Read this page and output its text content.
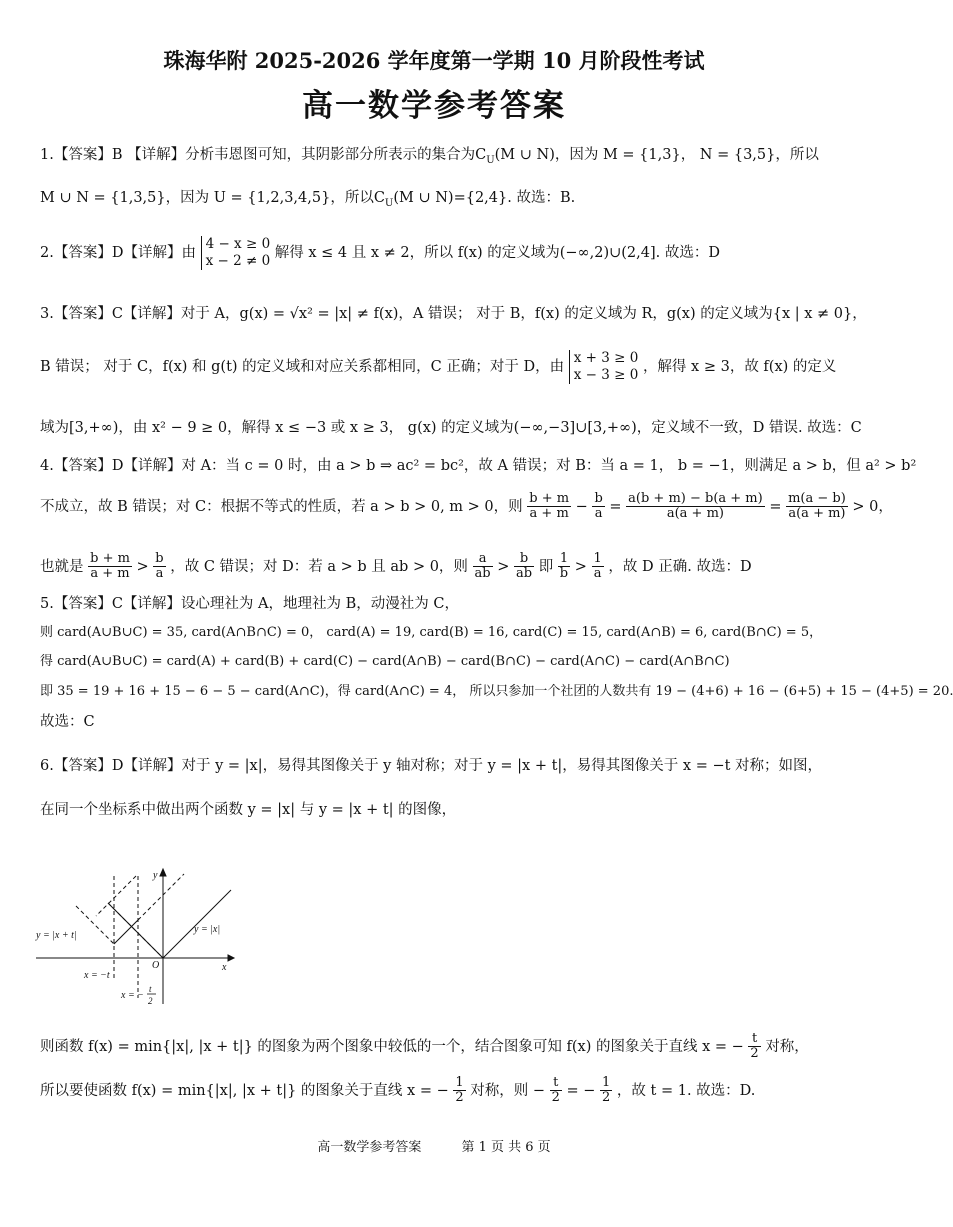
珠海华附 2025-2026 学年度第一学期 10 月阶段性考试
高一数学参考答案
1.【答案】B 【详解】分析韦恩图可知，其阴影部分所表示的集合为$C_U(M$ ∪ N)，因为 M = {1,3}， N = {3,5}，所以
M ∪ N = {1,3,5}，因为 U = {1,2,3,4,5}，所以$C_U(M$ ∪ N)={2,4}. 故选：B.
2.【答案】D【详解】由 4 − x ≥ 0
x − 2 ≠ 0 解得 x ≤ 4 且 x ≠ 2，所以 f(x) 的定义域为(−∞,2)∪(2,4]. 故选：D
3.【答案】C【详解】对于 A，g(x) = √x² = |x| ≠ f(x)，A 错误； 对于 B，f(x) 的定义域为 R，g(x) 的定义域为{x | x ≠ 0}，
B 错误； 对于 C，f(x) 和 g(t) 的定义域和对应关系都相同，C 正确；对于 D，由 x + 3 ≥ 0
x − 3 ≥ 0 ，解得 x ≥ 3，故 f(x) 的定义
域为[3,+∞)，由 x² − 9 ≥ 0，解得 x ≤ −3 或 x ≥ 3， g(x) 的定义域为(−∞,−3]∪[3,+∞)，定义域不一致，D 错误. 故选：C
4.【答案】D【详解】对 A：当 c = 0 时，由 a > b ⇒ ac² = bc²，故 A 错误；对 B：当 a = 1， b = −1，则满足 a > b，但 a² > b²
不成立，故 B 错误；对 C：根据不等式的性质，若 a > b > 0, m > 0，则 $\frac{b + m}{a + m} - \frac{b}{a} = \frac{a(b + m) - b(a + m)}{a(a + m)} = \frac{m(a - b)}{a(a + m)} > 0$，
也就是 $\frac{b + m}{a + m} > \frac{b}{a}$ ，故 C 错误；对 D：若 a > b 且 ab > 0，则 $\frac{a}{ab} > \frac{b}{ab}$ 即 $\frac{1}{b} > \frac{1}{a}$ ，故 D 正确. 故选：D
5.【答案】C【详解】设心理社为 A，地理社为 B，动漫社为 C，
则 card(A∪B∪C) = 35, card(A∩B∩C) = 0， card(A) = 19, card(B) = 16, card(C) = 15, card(A∩B) = 6, card(B∩C) = 5，
得 card(A∪B∪C) = card(A) + card(B) + card(C) − card(A∩B) − card(B∩C) − card(A∩C) − card(A∩B∩C)
即 35 = 19 + 16 + 15 − 6 − 5 − card(A∩C)，得 card(A∩C) = 4， 所以只参加一个社团的人数共有 19 − (4+6) + 16 − (6+5) + 15 − (4+5) = 20.
故选：C
6.【答案】D【详解】对于 y = |x|，易得其图像关于 y 轴对称；对于 y = |x + t|，易得其图像关于 x = −t 对称；如图，
在同一个坐标系中做出两个函数 y = |x| 与 y = |x + t| 的图像，
y = |x + t|
y = |x|
y
x
O
x = −t
x = −
t
2
则函数 f(x) = min{|x|, |x + t|} 的图象为两个图象中较低的一个，结合图象可知 f(x) 的图象关于直线 x = − $\frac{t}{2}$ 对称，
所以要使函数 f(x) = min{|x|, |x + t|} 的图象关于直线 x = − $\frac{1}{2}$ 对称，则 − $\frac{t}{2}$ = − $\frac{1}{2}$ ，故 t = 1. 故选：D.
高一数学参考答案	第 1 页 共 6 页
